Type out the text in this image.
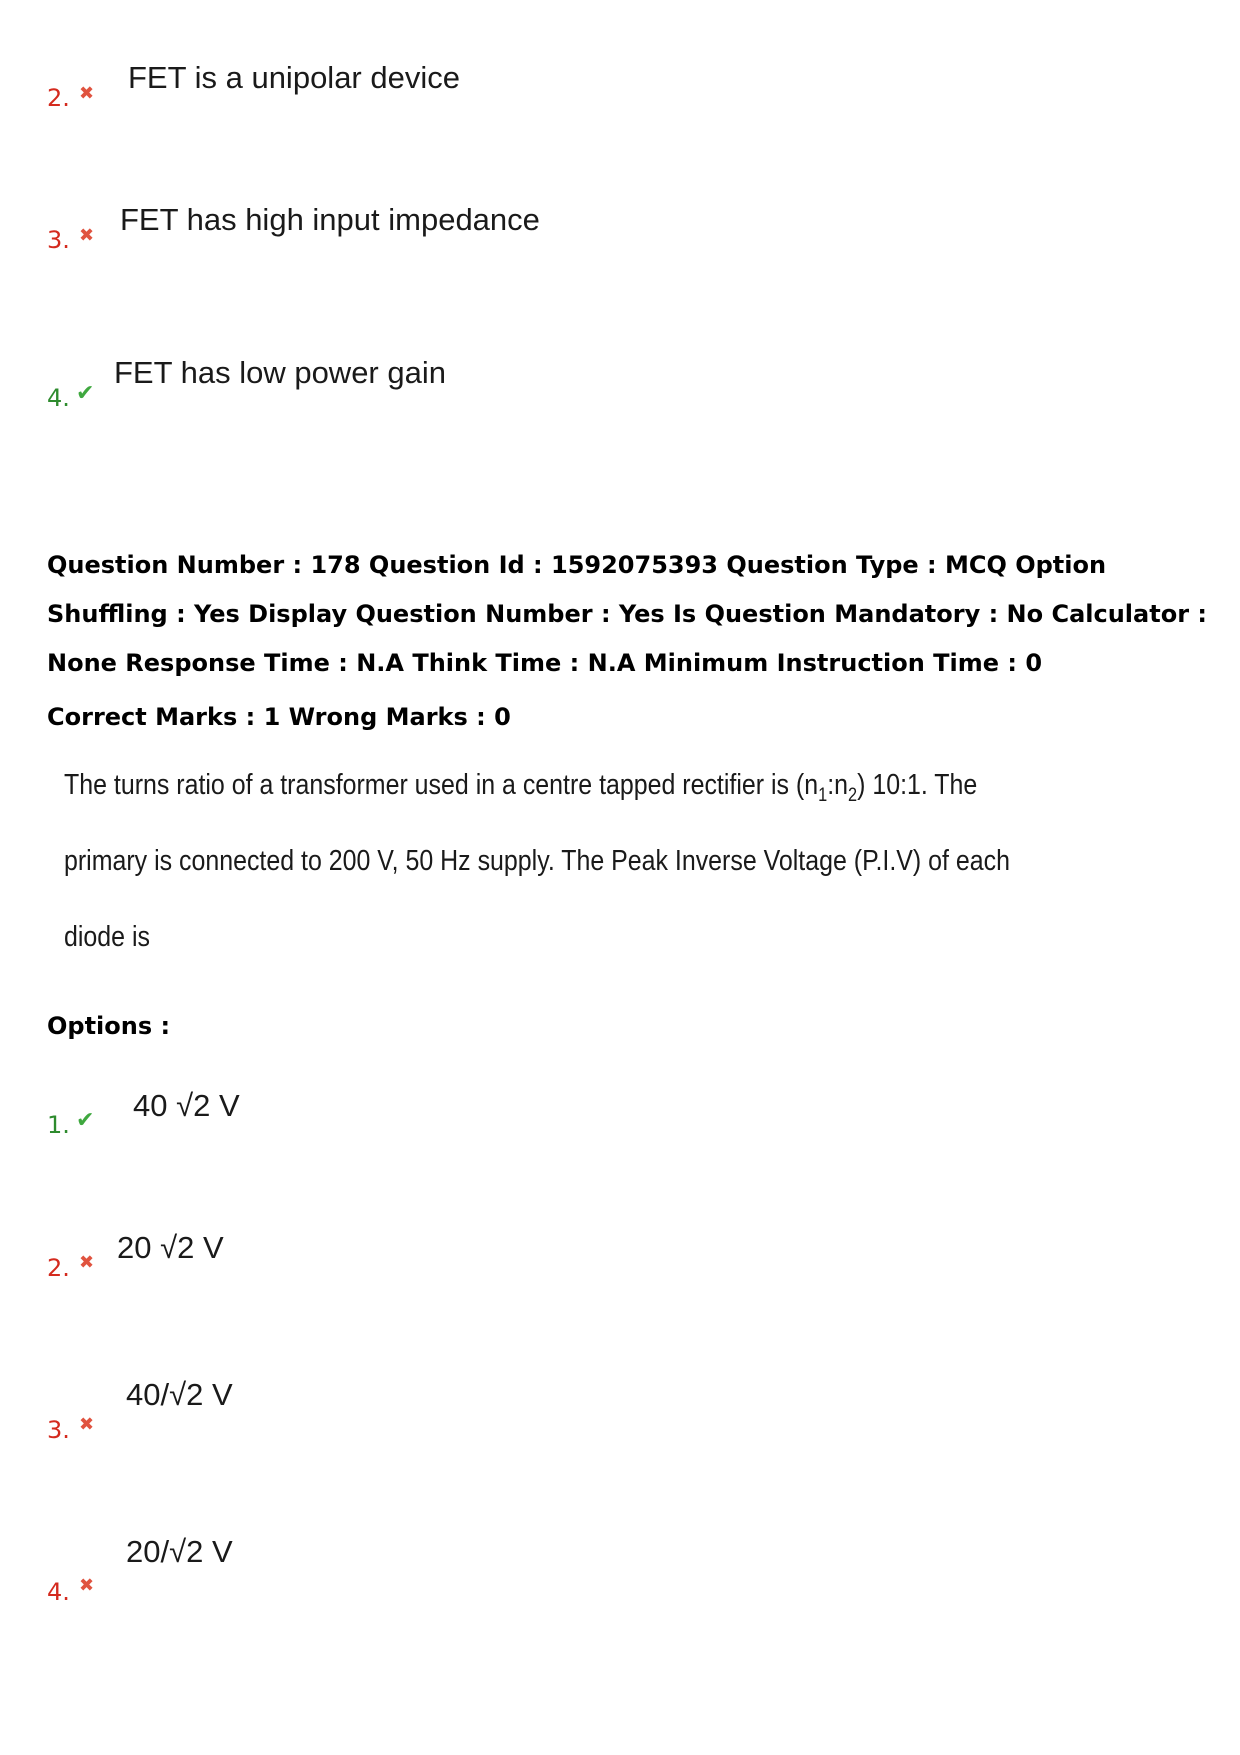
2. ✖ FET is a unipolar device
3. ✖ FET has high input impedance
4. ✔
FET has low power gain
Question Number : 178 Question Id : 1592075393 Question Type : MCQ Option Shuffling : Yes Display Question Number : Yes Is Question Mandatory : No Calculator : None Response Time : N.A Think Time : N.A Minimum Instruction Time : 0
Correct Marks : 1 Wrong Marks : 0
The turns ratio of a transformer used in a centre tapped rectifier is $(n_1:n_2)$ 10:1. The
primary is connected to 200 V, 50 Hz supply. The Peak Inverse Voltage (P.I.V) of each
diode is
Options :
1. ✔ 40 √2 V
2. ✖ 20 √2 V
3. ✖
40/√2 V
4. ✖
20/√2 V
